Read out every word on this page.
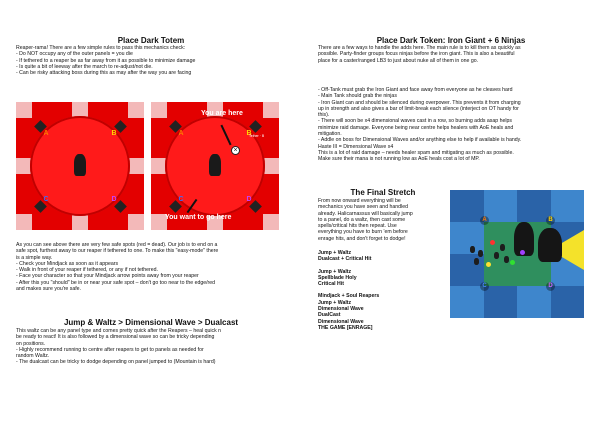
Place Dark Totem

Reaper-rama! There are a few simple rules to pass this mechanics check:

- Do NOT occupy any of the outer panels = you die
- If tethered to a reaper be as far away from it as possible to minimize damage
- Is quite a bit of leeway after the march to re-adjust/not die.
- Can be risky attacking boss during this as may after the way you are facing
A	B
C	D
A	B
C	D
×
Tether · B
You are here
You want to go here

As you can see above there are very few safe spots (red = dead). Our job is to end on a

safe spot, furthest away to our reaper if tethered to one. To make this "easy-mode" there

is a simple way.

- Check your Mindjack as soon as it appears

- Walk in front of your reaper if tethered, or any if not tethered.

- Face your character so that your Mindjack arrow points away from your reaper

- After this you "should" be in or near your safe spot – don't go too near to the edge/red

and makes sure you're safe.

Jump & Waltz > Dimensional Wave > Dualcast

This waltz can be any panel type and comes pretty quick after the Reapers – heal quick n

be ready to react! It is also followed by a dimensional wave so can be tricky depending

on positions.

- Highly recommend running to centre after reapers to get to panels as needed for

random Waltz.

- The dualcast can be tricky to dodge depending on panel jumped to (Mountain is hard)

Place Dark Token: Iron Giant + 6 Ninjas

There are a few ways to handle the adds here. The main rule is to kill them as quickly as

possible. Party-finder groups focus ninjas before the iron giant. This is also a beautiful

place for a caster/ranged LB3 to just about nuke all of them in one go.

- Off-Tank must grab the Iron Giant and face away from everyone as he cleaves hard

- Main Tank should grab the ninjas

- Iron Giant can and should be silenced during overpower. This prevents it from charging

up in strength and also gives a bar of limit-break each silence (interject on OT handy for

this).

- There will soon be x4 dimensional waves cast in a row, so burning adds asap helps

minimize raid damage. Everyone being near centre helps healers with AoE heals and

mitigation.

- Addle on boss for Dimensional Waves and/or anything else to help if available is handy.

Haste III = Dimensional Wave x4

This is a lot of raid damage – needs healer spam and mitigating as much as possible.

Make sure their mana is not running low as AoE heals cost a lot of MP.

The Final Stretch

From now onward everything will be

mechanics you have seen and handled

already. Halicarnassus will basically jump

to a panel, do a waltz, then cast some

spells/critical hits then repeat. Use

everything you have to burn 'em before

enrage hits, and don't forget to dodge!

Jump + Waltz

Dualcast + Critical Hit

Jump + Waltz

Spellblade Holy

Critical Hit

Mindjack + Soul Reapers

Jump + Waltz

Dimensional Wave

DualCast

Dimensional Wave

THE GAME [ENRAGE]

A	B
C	D
